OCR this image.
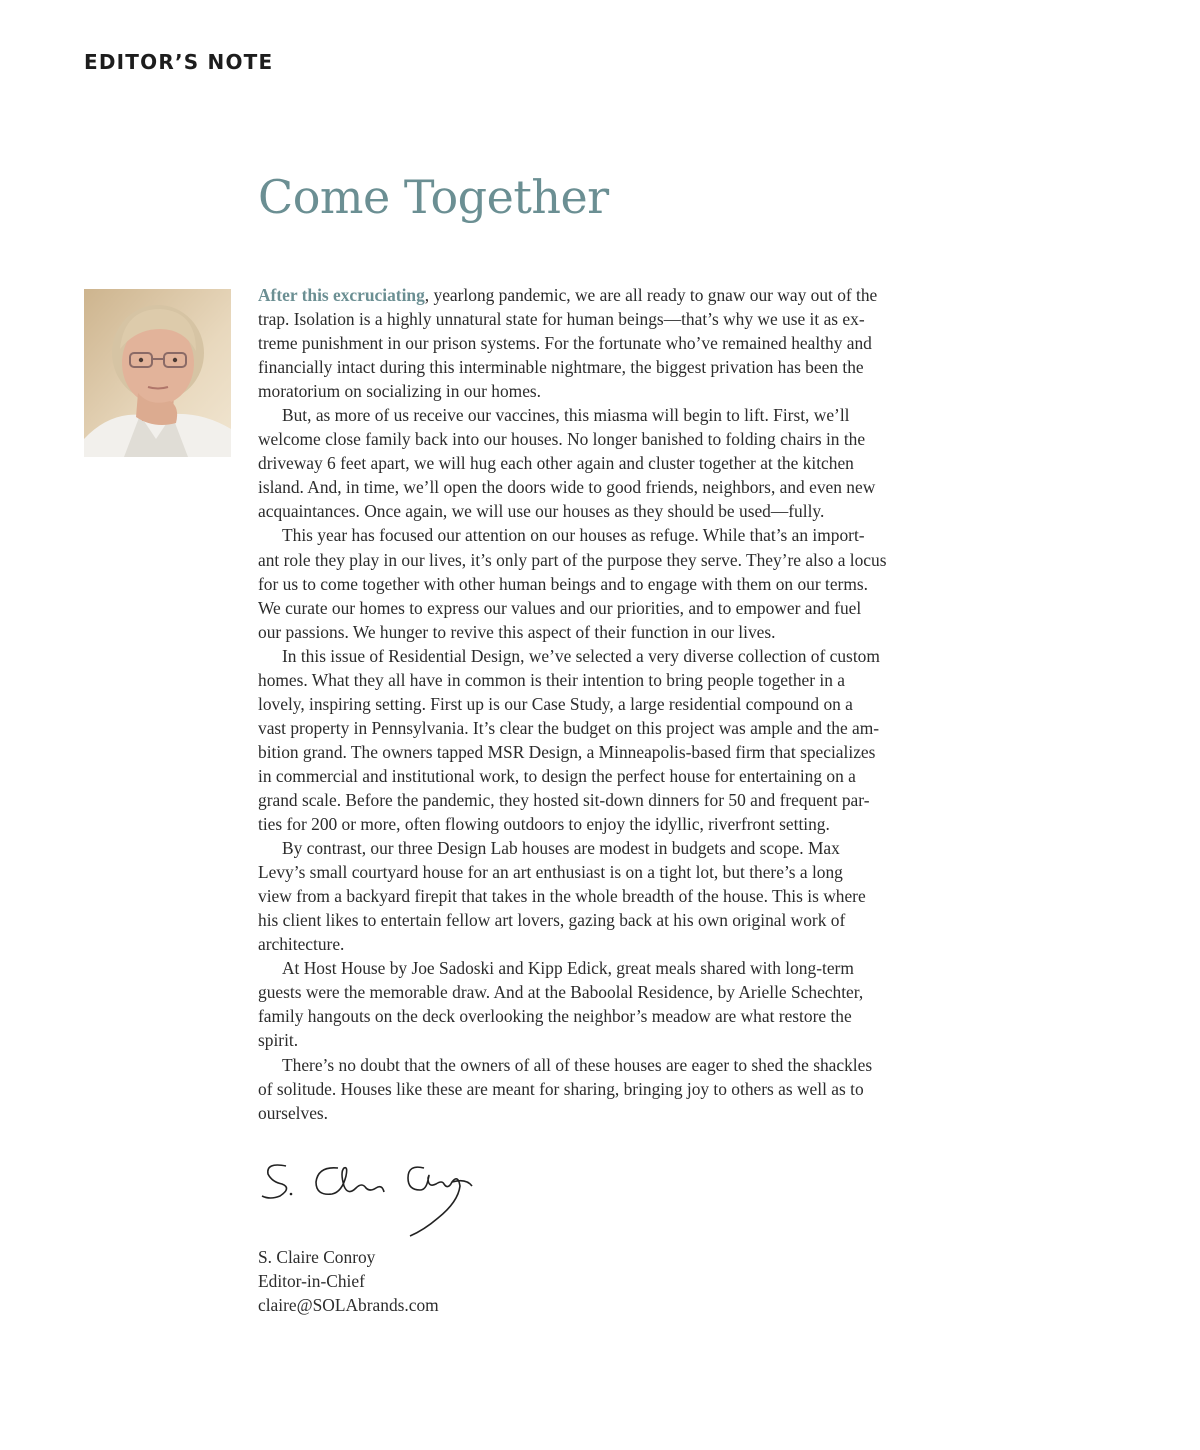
EDITOR’S NOTE
Come Together
After this excruciating, yearlong pandemic, we are all ready to gnaw our way out of the
trap. Isolation is a highly unnatural state for human beings—that’s why we use it as ex-
treme punishment in our prison systems. For the fortunate who’ve remained healthy and
financially intact during this interminable nightmare, the biggest privation has been the
moratorium on socializing in our homes.
But, as more of us receive our vaccines, this miasma will begin to lift. First, we’ll
welcome close family back into our houses. No longer banished to folding chairs in the
driveway 6 feet apart, we will hug each other again and cluster together at the kitchen
island. And, in time, we’ll open the doors wide to good friends, neighbors, and even new
acquaintances. Once again, we will use our houses as they should be used—fully.
This year has focused our attention on our houses as refuge. While that’s an import-
ant role they play in our lives, it’s only part of the purpose they serve. They’re also a locus
for us to come together with other human beings and to engage with them on our terms.
We curate our homes to express our values and our priorities, and to empower and fuel
our passions. We hunger to revive this aspect of their function in our lives.
In this issue of Residential Design, we’ve selected a very diverse collection of custom
homes. What they all have in common is their intention to bring people together in a
lovely, inspiring setting. First up is our Case Study, a large residential compound on a
vast property in Pennsylvania. It’s clear the budget on this project was ample and the am-
bition grand. The owners tapped MSR Design, a Minneapolis-based firm that specializes
in commercial and institutional work, to design the perfect house for entertaining on a
grand scale. Before the pandemic, they hosted sit-down dinners for 50 and frequent par-
ties for 200 or more, often flowing outdoors to enjoy the idyllic, riverfront setting.
By contrast, our three Design Lab houses are modest in budgets and scope. Max
Levy’s small courtyard house for an art enthusiast is on a tight lot, but there’s a long
view from a backyard firepit that takes in the whole breadth of the house. This is where
his client likes to entertain fellow art lovers, gazing back at his own original work of
architecture.
At Host House by Joe Sadoski and Kipp Edick, great meals shared with long-term
guests were the memorable draw. And at the Baboolal Residence, by Arielle Schechter,
family hangouts on the deck overlooking the neighbor’s meadow are what restore the
spirit.
There’s no doubt that the owners of all of these houses are eager to shed the shackles
of solitude. Houses like these are meant for sharing, bringing joy to others as well as to
ourselves.
S. Claire Conroy
Editor-in-Chief
claire@SOLAbrands.com
